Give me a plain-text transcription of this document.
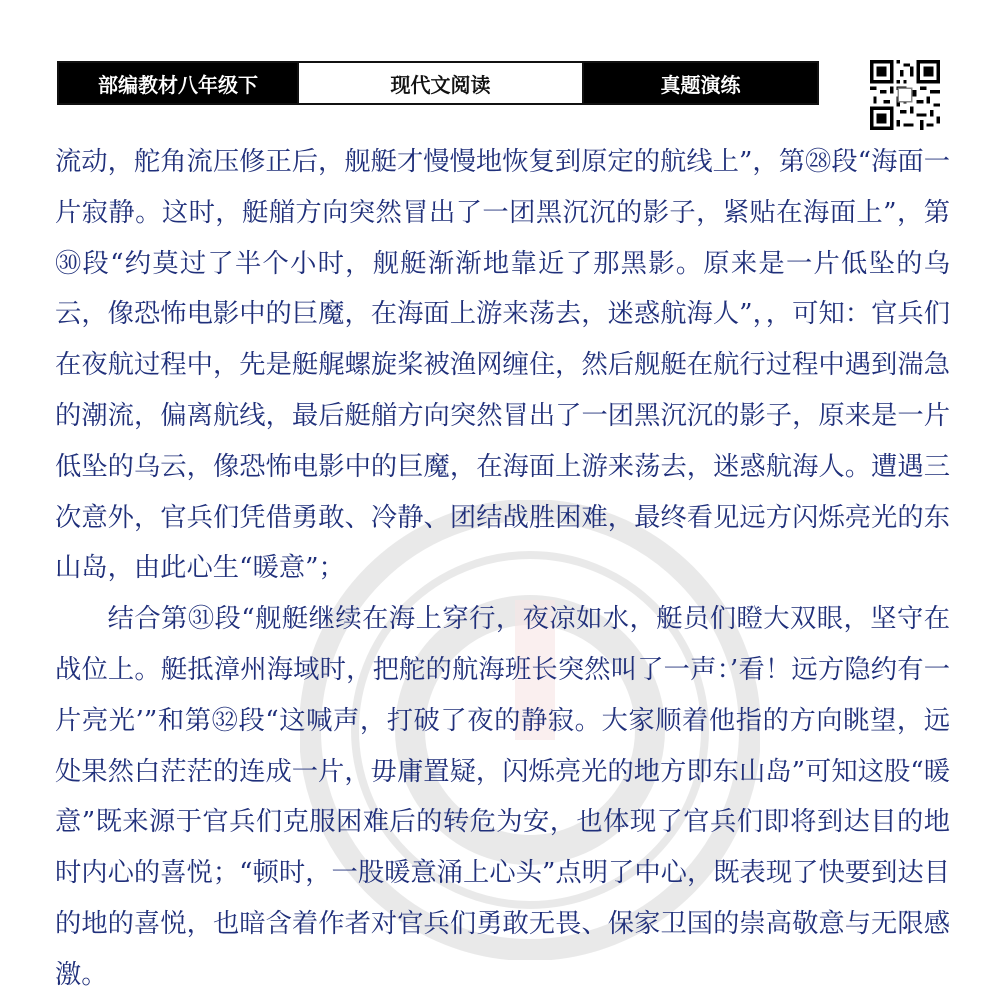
部编教材八年级下	现代文阅读	真题演练

流动，舵角流压修正后，舰艇才慢慢地恢复到原定的航线上”，第㉘段“海面一片寂静。这时，艇艏方向突然冒出了一团黑沉沉的影子，紧贴在海面上”，第㉚段“约莫过了半个小时，舰艇渐渐地靠近了那黑影。原来是一片低坠的乌云，像恐怖电影中的巨魔，在海面上游来荡去，迷惑航海人”，，可知：官兵们在夜航过程中，先是艇艉螺旋桨被渔网缠住，然后舰艇在航行过程中遇到湍急的潮流，偏离航线，最后艇艏方向突然冒出了一团黑沉沉的影子，原来是一片低坠的乌云，像恐怖电影中的巨魔，在海面上游来荡去，迷惑航海人。遭遇三次意外，官兵们凭借勇敢、冷静、团结战胜困难，最终看见远方闪烁亮光的东山岛，由此心生“暖意”；

结合第㉛段“舰艇继续在海上穿行，夜凉如水，艇员们瞪大双眼，坚守在战位上。艇抵漳州海域时，把舵的航海班长突然叫了一声：’看！远方隐约有一片亮光’”和第㉜段“这喊声，打破了夜的静寂。大家顺着他指的方向眺望，远处果然白茫茫的连成一片，毋庸置疑，闪烁亮光的地方即东山岛”可知这股“暖意”既来源于官兵们克服困难后的转危为安，也体现了官兵们即将到达目的地时内心的喜悦；“顿时，一股暖意涌上心头”点明了中心，既表现了快要到达目的地的喜悦，也暗含着作者对官兵们勇敢无畏、保家卫国的崇高敬意与无限感激。
